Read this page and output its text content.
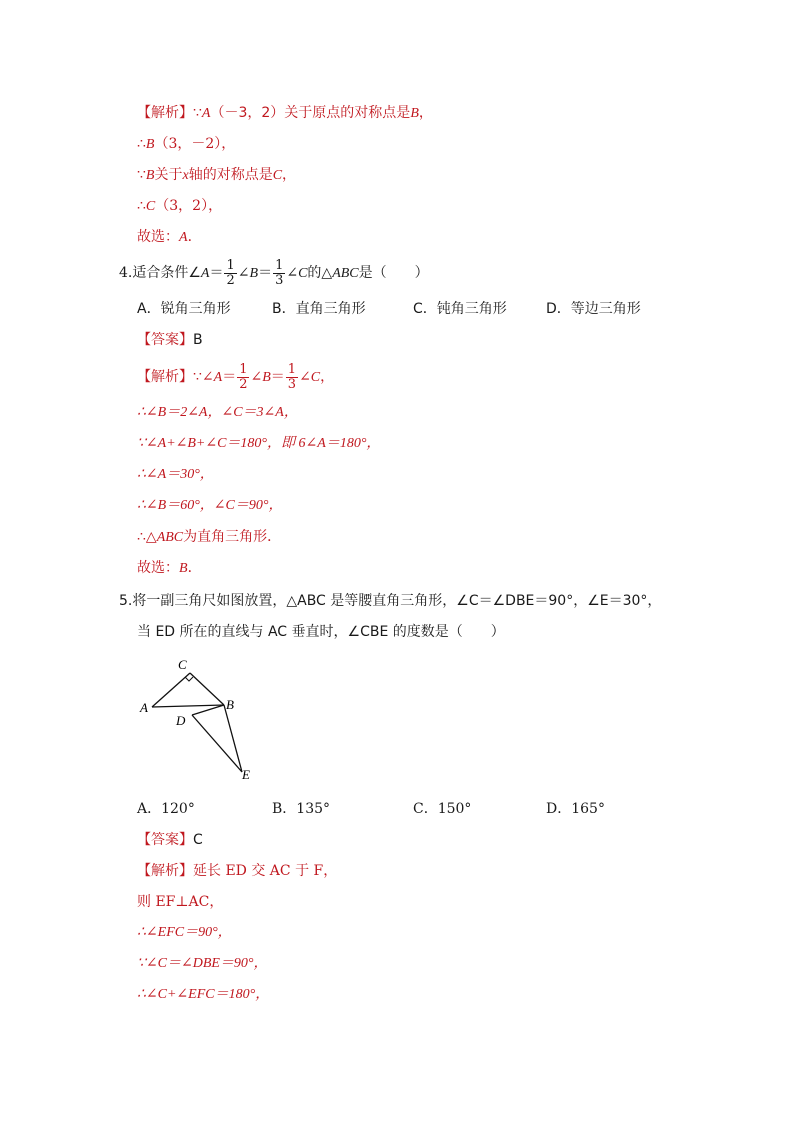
【解析】∵A（－3，2）关于原点的对称点是B，
∴B（3，－2），
∵B关于x轴的对称点是C，
∴C（3，2），
故选：A．
4.适合条件∠A＝ $\frac{1}{2}$ ∠B＝ $\frac{1}{3}$ ∠C的△ABC是（　　）
A．锐角三角形	B．直角三角形	C．钝角三角形	D．等边三角形
【答案】B
【解析】∵∠A＝ $\frac{1}{2}$ ∠B＝ $\frac{1}{3}$ ∠C，
∴∠B＝2∠A，∠C＝3∠A，
∵∠A+∠B+∠C＝180°，即 6∠A＝180°，
∴∠A＝30°，
∴∠B＝60°，∠C＝90°，
∴△ABC为直角三角形．
故选：B．
5.将一副三角尺如图放置，△ABC 是等腰直角三角形，∠C＝∠DBE＝90°，∠E＝30°，
当 ED 所在的直线与 AC 垂直时，∠CBE 的度数是（　　）
C
A	B
D
E
A．120°	B．135°	C．150°	D．165°
【答案】C
【解析】延长 ED 交 AC 于 F，
则 EF⊥AC，
∴∠EFC＝90°，
∵∠C＝∠DBE＝90°，
∴∠C+∠EFC＝180°，
